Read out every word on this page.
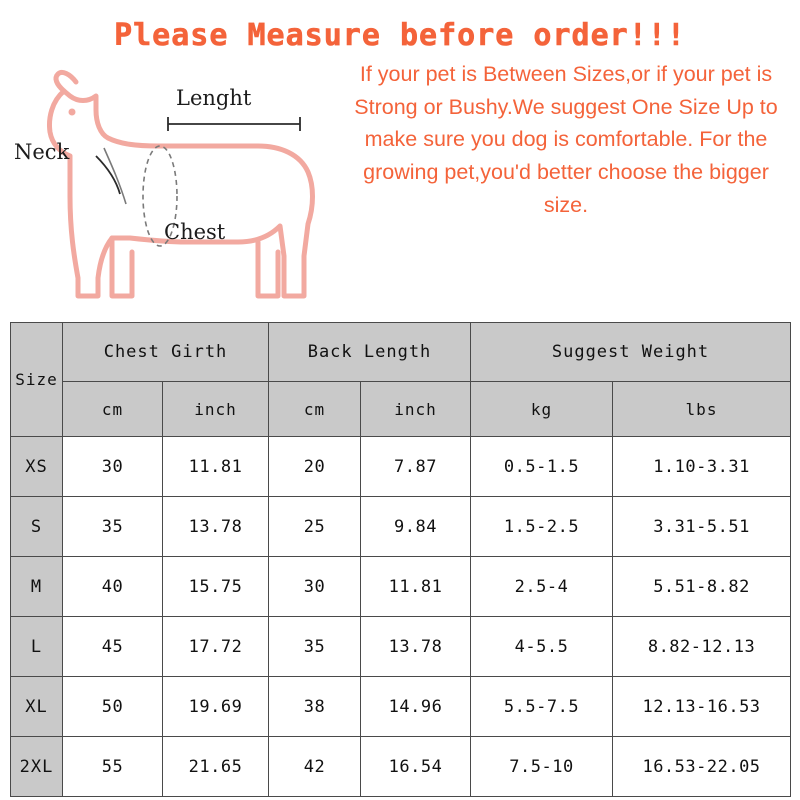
Please Measure before order!!!
Lenght
Neck
Chest
If your pet is Between Sizes,or if your pet is Strong or Bushy.We suggest One Size Up to make sure you dog is comfortable. For the growing pet,you'd better choose the bigger size.
Size	Chest Girth		Back Length		Suggest Weight	
	cm	inch	cm	inch	kg	lbs
XS	30	11.81	20	7.87	0.5-1.5	1.10-3.31
S	35	13.78	25	9.84	1.5-2.5	3.31-5.51
M	40	15.75	30	11.81	2.5-4	5.51-8.82
L	45	17.72	35	13.78	4-5.5	8.82-12.13
XL	50	19.69	38	14.96	5.5-7.5	12.13-16.53
2XL	55	21.65	42	16.54	7.5-10	16.53-22.05
